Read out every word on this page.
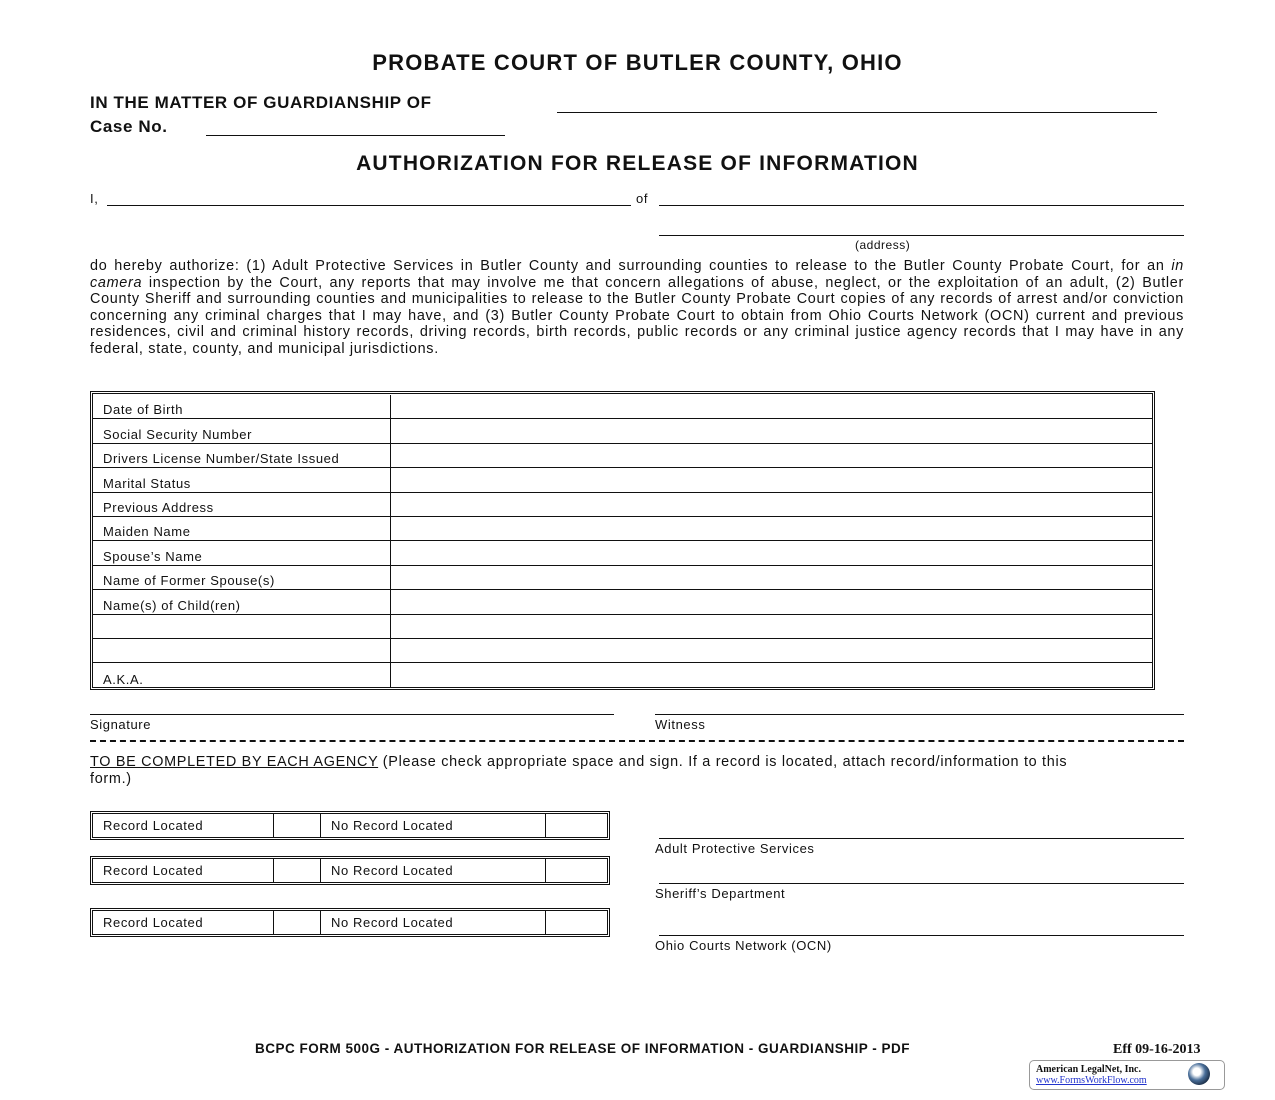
PROBATE COURT OF BUTLER COUNTY, OHIO
IN THE MATTER OF GUARDIANSHIP OF
Case No.
AUTHORIZATION FOR RELEASE OF INFORMATION
I,	of
(address)
do hereby authorize: (1) Adult Protective Services in Butler County and surrounding counties to release to the Butler County Probate Court, for an in camera inspection by the Court, any reports that may involve me that concern allegations of abuse, neglect, or the exploitation of an adult, (2) Butler County Sheriff and surrounding counties and municipalities to release to the Butler County Probate Court copies of any records of arrest and/or conviction concerning any criminal charges that I may have, and (3) Butler County Probate Court to obtain from Ohio Courts Network (OCN) current and previous residences, civil and criminal history records, driving records, birth records, public records or any criminal justice agency records that I may have in any federal, state, county, and municipal jurisdictions.
Date of Birth
Social Security Number
Drivers License Number/State Issued
Marital Status
Previous Address
Maiden Name
Spouse’s Name
Name of Former Spouse(s)
Name(s) of Child(ren)
A.K.A.
Signature	Witness
TO BE COMPLETED BY EACH AGENCY (Please check appropriate space and sign. If a record is located, attach record/information to this form.)
Record Located	No Record Located
Adult Protective Services
Record Located	No Record Located
Sheriff’s Department
Record Located	No Record Located
Ohio Courts Network (OCN)
BCPC FORM 500G - AUTHORIZATION FOR RELEASE OF INFORMATION - GUARDIANSHIP - PDF	Eff 09-16-2013
American LegalNet, Inc.
www.FormsWorkFlow.com
